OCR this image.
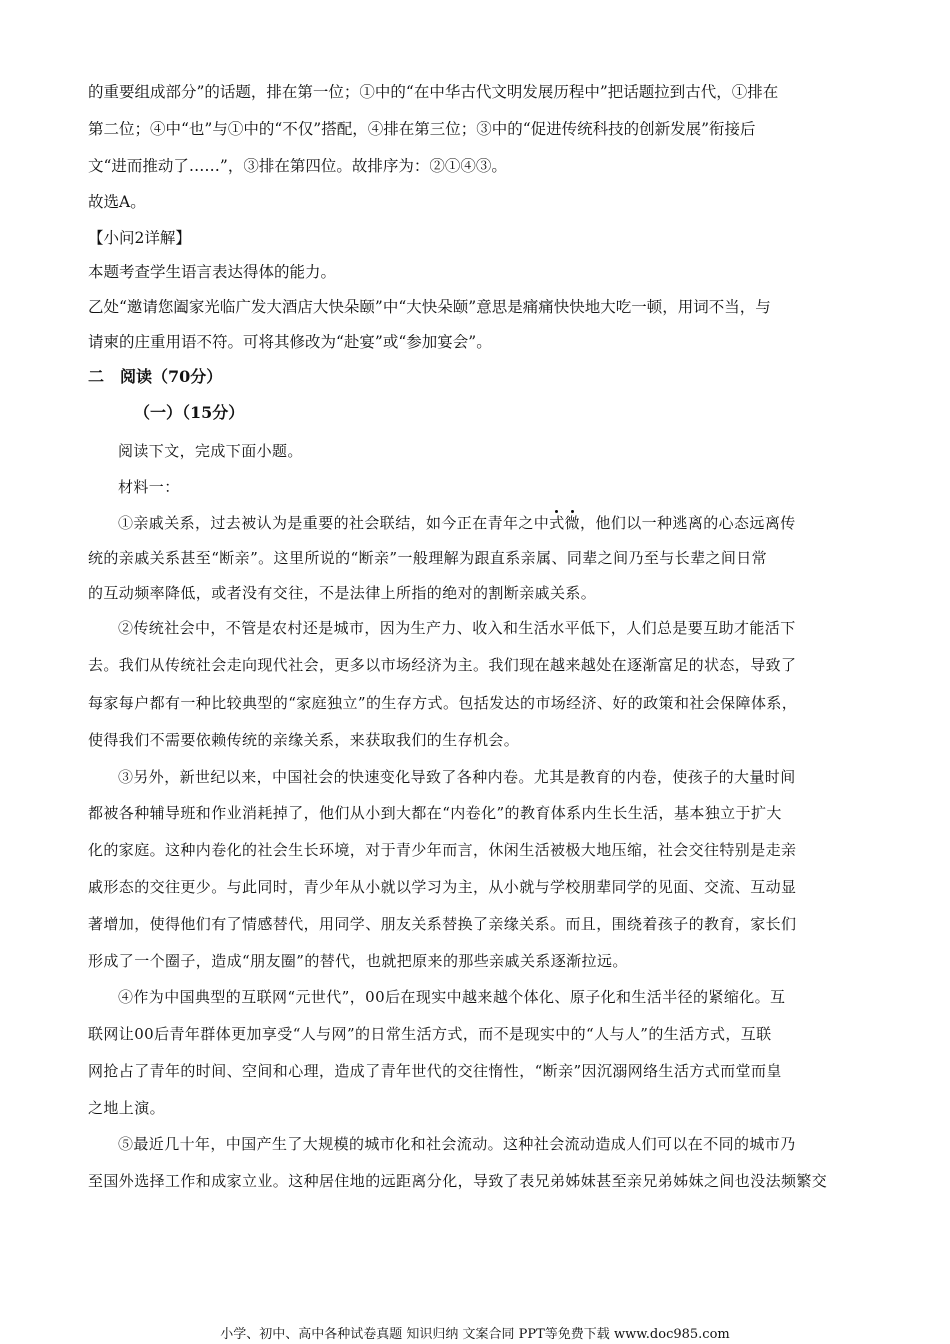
的重要组成部分”的话题，排在第一位；①中的“在中华古代文明发展历程中”把话题拉到古代，①排在

第二位；④中“也”与①中的“不仅”搭配，④排在第三位；③中的“促进传统科技的创新发展”衔接后

文“进而推动了……”，③排在第四位。故排序为：②①④③。

故选A。

【小问2详解】

本题考查学生语言表达得体的能力。

乙处“邀请您阖家光临广发大酒店大快朵颐”中“大快朵颐”意思是痛痛快快地大吃一顿，用词不当，与

请柬的庄重用语不符。可将其修改为“赴宴”或“参加宴会”。

二　阅读（70分）

（一）（15分）

阅读下文，完成下面小题。

材料一：

①亲戚关系，过去被认为是重要的社会联结，如今正在青年之中式微，他们以一种逃离的心态远离传

统的亲戚关系甚至“断亲”。这里所说的“断亲”一般理解为跟直系亲属、同辈之间乃至与长辈之间日常

的互动频率降低，或者没有交往，不是法律上所指的绝对的割断亲戚关系。

②传统社会中，不管是农村还是城市，因为生产力、收入和生活水平低下，人们总是要互助才能活下

去。我们从传统社会走向现代社会，更多以市场经济为主。我们现在越来越处在逐渐富足的状态，导致了

每家每户都有一种比较典型的“家庭独立”的生存方式。包括发达的市场经济、好的政策和社会保障体系，

使得我们不需要依赖传统的亲缘关系，来获取我们的生存机会。

③另外，新世纪以来，中国社会的快速变化导致了各种内卷。尤其是教育的内卷，使孩子的大量时间

都被各种辅导班和作业消耗掉了，他们从小到大都在“内卷化”的教育体系内生长生活，基本独立于扩大

化的家庭。这种内卷化的社会生长环境，对于青少年而言，休闲生活被极大地压缩，社会交往特别是走亲

戚形态的交往更少。与此同时，青少年从小就以学习为主，从小就与学校朋辈同学的见面、交流、互动显

著增加，使得他们有了情感替代，用同学、朋友关系替换了亲缘关系。而且，围绕着孩子的教育，家长们

形成了一个圈子，造成“朋友圈”的替代，也就把原来的那些亲戚关系逐渐拉远。

④作为中国典型的互联网“元世代”，00后在现实中越来越个体化、原子化和生活半径的紧缩化。互

联网让00后青年群体更加享受“人与网”的日常生活方式，而不是现实中的“人与人”的生活方式，互联

网抢占了青年的时间、空间和心理，造成了青年世代的交往惰性，“断亲”因沉溺网络生活方式而堂而皇

之地上演。

⑤最近几十年，中国产生了大规模的城市化和社会流动。这种社会流动造成人们可以在不同的城市乃

至国外选择工作和成家立业。这种居住地的远距离分化，导致了表兄弟姊妹甚至亲兄弟姊妹之间也没法频繁交

小学、初中、高中各种试卷真题 知识归纳 文案合同 PPT等免费下载 www.doc985.com
